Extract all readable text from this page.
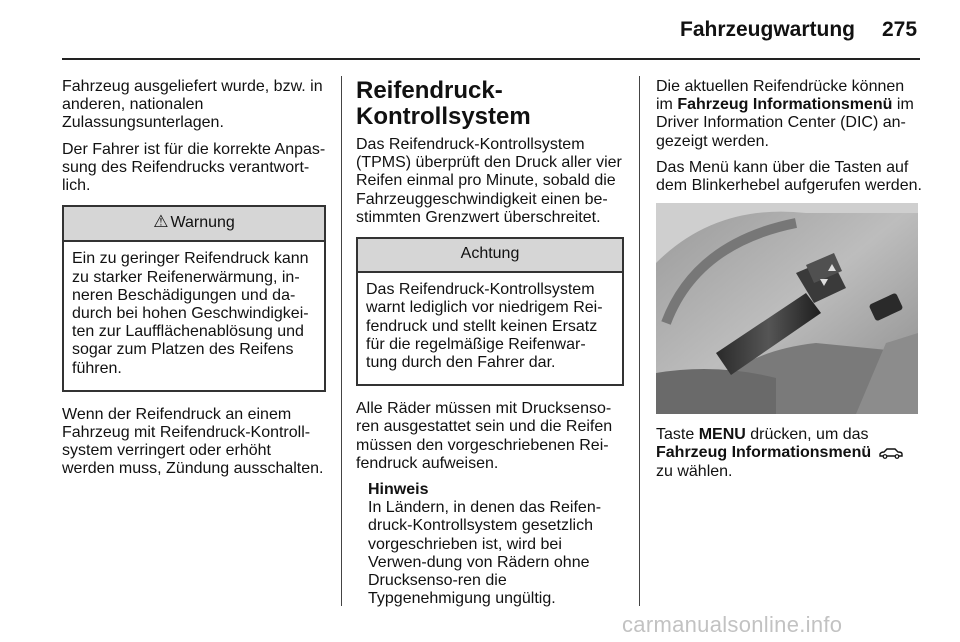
Fahrzeugwartung 275

Fahrzeug ausgeliefert wurde, bzw. in anderen, nationalen Zulassungsunterlagen.

Der Fahrer ist für die korrekte Anpas-sung des Reifendrucks verantwort-lich.

⚠ Warnung
Ein zu geringer Reifendruck kann zu starker Reifenerwärmung, in-neren Beschädigungen und da-durch bei hohen Geschwindigkei-ten zur Laufflächenablösung und sogar zum Platzen des Reifens führen.

Wenn der Reifendruck an einem Fahrzeug mit Reifendruck-Kontroll-system verringert oder erhöht werden muss, Zündung ausschalten.

Reifendruck-Kontrollsystem

Das Reifendruck-Kontrollsystem (TPMS) überprüft den Druck aller vier Reifen einmal pro Minute, sobald die Fahrzeuggeschwindigkeit einen be-stimmten Grenzwert überschreitet.

Achtung
Das Reifendruck-Kontrollsystem warnt lediglich vor niedrigem Rei-fendruck und stellt keinen Ersatz für die regelmäßige Reifenwar-tung durch den Fahrer dar.

Alle Räder müssen mit Drucksenso-ren ausgestattet sein und die Reifen müssen den vorgeschriebenen Rei-fendruck aufweisen.

Hinweis
In Ländern, in denen das Reifen-druck-Kontrollsystem gesetzlich vorgeschrieben ist, wird bei Verwen-dung von Rädern ohne Drucksenso-ren die Typgenehmigung ungültig.

Die aktuellen Reifendrücke können im Fahrzeug Informationsmenü im Driver Information Center (DIC) an-gezeigt werden.

Das Menü kann über die Tasten auf dem Blinkerhebel aufgerufen werden.

Taste MENU drücken, um das
Fahrzeug Informationsmenü  zu wählen.

carmanualsonline.info
